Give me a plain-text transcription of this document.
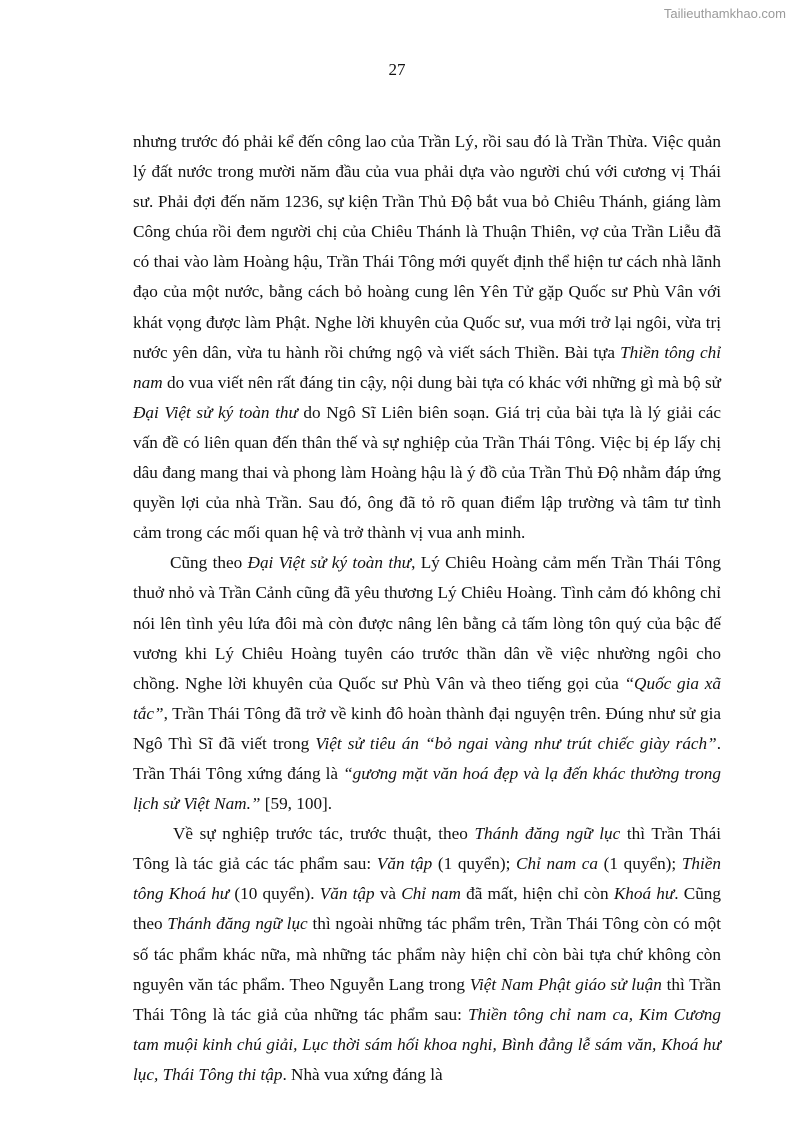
Tailieuthamkhao.com
27

nhưng trước đó phải kể đến công lao của Trần Lý, rồi sau đó là Trần Thừa. Việc quản lý đất nước trong mười năm đầu của vua phải dựa vào người chú với cương vị Thái sư. Phải đợi đến năm 1236, sự kiện Trần Thủ Độ bắt vua bỏ Chiêu Thánh, giáng làm Công chúa rồi đem người chị của Chiêu Thánh là Thuận Thiên, vợ của Trần Liễu đã có thai vào làm Hoàng hậu, Trần Thái Tông mới quyết định thể hiện tư cách nhà lãnh đạo của một nước, bằng cách bỏ hoàng cung lên Yên Tử gặp Quốc sư Phù Vân với khát vọng được làm Phật. Nghe lời khuyên của Quốc sư, vua mới trở lại ngôi, vừa trị nước yên dân, vừa tu hành rồi chứng ngộ và viết sách Thiền. Bài tựa Thiền tông chỉ nam do vua viết nên rất đáng tin cậy, nội dung bài tựa có khác với những gì mà bộ sử Đại Việt sử ký toàn thư do Ngô Sĩ Liên biên soạn. Giá trị của bài tựa là lý giải các vấn đề có liên quan đến thân thế và sự nghiệp của Trần Thái Tông. Việc bị ép lấy chị dâu đang mang thai và phong làm Hoàng hậu là ý đồ của Trần Thủ Độ nhằm đáp ứng quyền lợi của nhà Trần. Sau đó, ông đã tỏ rõ quan điểm lập trường và tâm tư tình cảm trong các mối quan hệ và trở thành vị vua anh minh.

Cũng theo Đại Việt sử ký toàn thư, Lý Chiêu Hoàng cảm mến Trần Thái Tông thuở nhỏ và Trần Cảnh cũng đã yêu thương Lý Chiêu Hoàng. Tình cảm đó không chỉ nói lên tình yêu lứa đôi mà còn được nâng lên bằng cả tấm lòng tôn quý của bậc đế vương khi Lý Chiêu Hoàng tuyên cáo trước thần dân về việc nhường ngôi cho chồng. Nghe lời khuyên của Quốc sư Phù Vân và theo tiếng gọi của “Quốc gia xã tắc”, Trần Thái Tông đã trở về kinh đô hoàn thành đại nguyện trên. Đúng như sử gia Ngô Thì Sĩ đã viết trong Việt sử tiêu án “bỏ ngai vàng như trút chiếc giày rách”. Trần Thái Tông xứng đáng là “gương mặt văn hoá đẹp và lạ đến khác thường trong lịch sử Việt Nam.” [59, 100].

Về sự nghiệp trước tác, trước thuật, theo Thánh đăng ngữ lục thì Trần Thái Tông là tác giả các tác phẩm sau: Văn tập (1 quyển); Chỉ nam ca (1 quyển); Thiền tông Khoá hư (10 quyển). Văn tập và Chỉ nam đã mất, hiện chỉ còn Khoá hư. Cũng theo Thánh đăng ngữ lục thì ngoài những tác phẩm trên, Trần Thái Tông còn có một số tác phẩm khác nữa, mà những tác phẩm này hiện chỉ còn bài tựa chứ không còn nguyên văn tác phẩm. Theo Nguyễn Lang trong Việt Nam Phật giáo sử luận thì Trần Thái Tông là tác giả của những tác phẩm sau: Thiền tông chỉ nam ca, Kim Cương tam muội kinh chú giải, Lục thời sám hối khoa nghi, Bình đẳng lễ sám văn, Khoá hư lục, Thái Tông thi tập. Nhà vua xứng đáng là
